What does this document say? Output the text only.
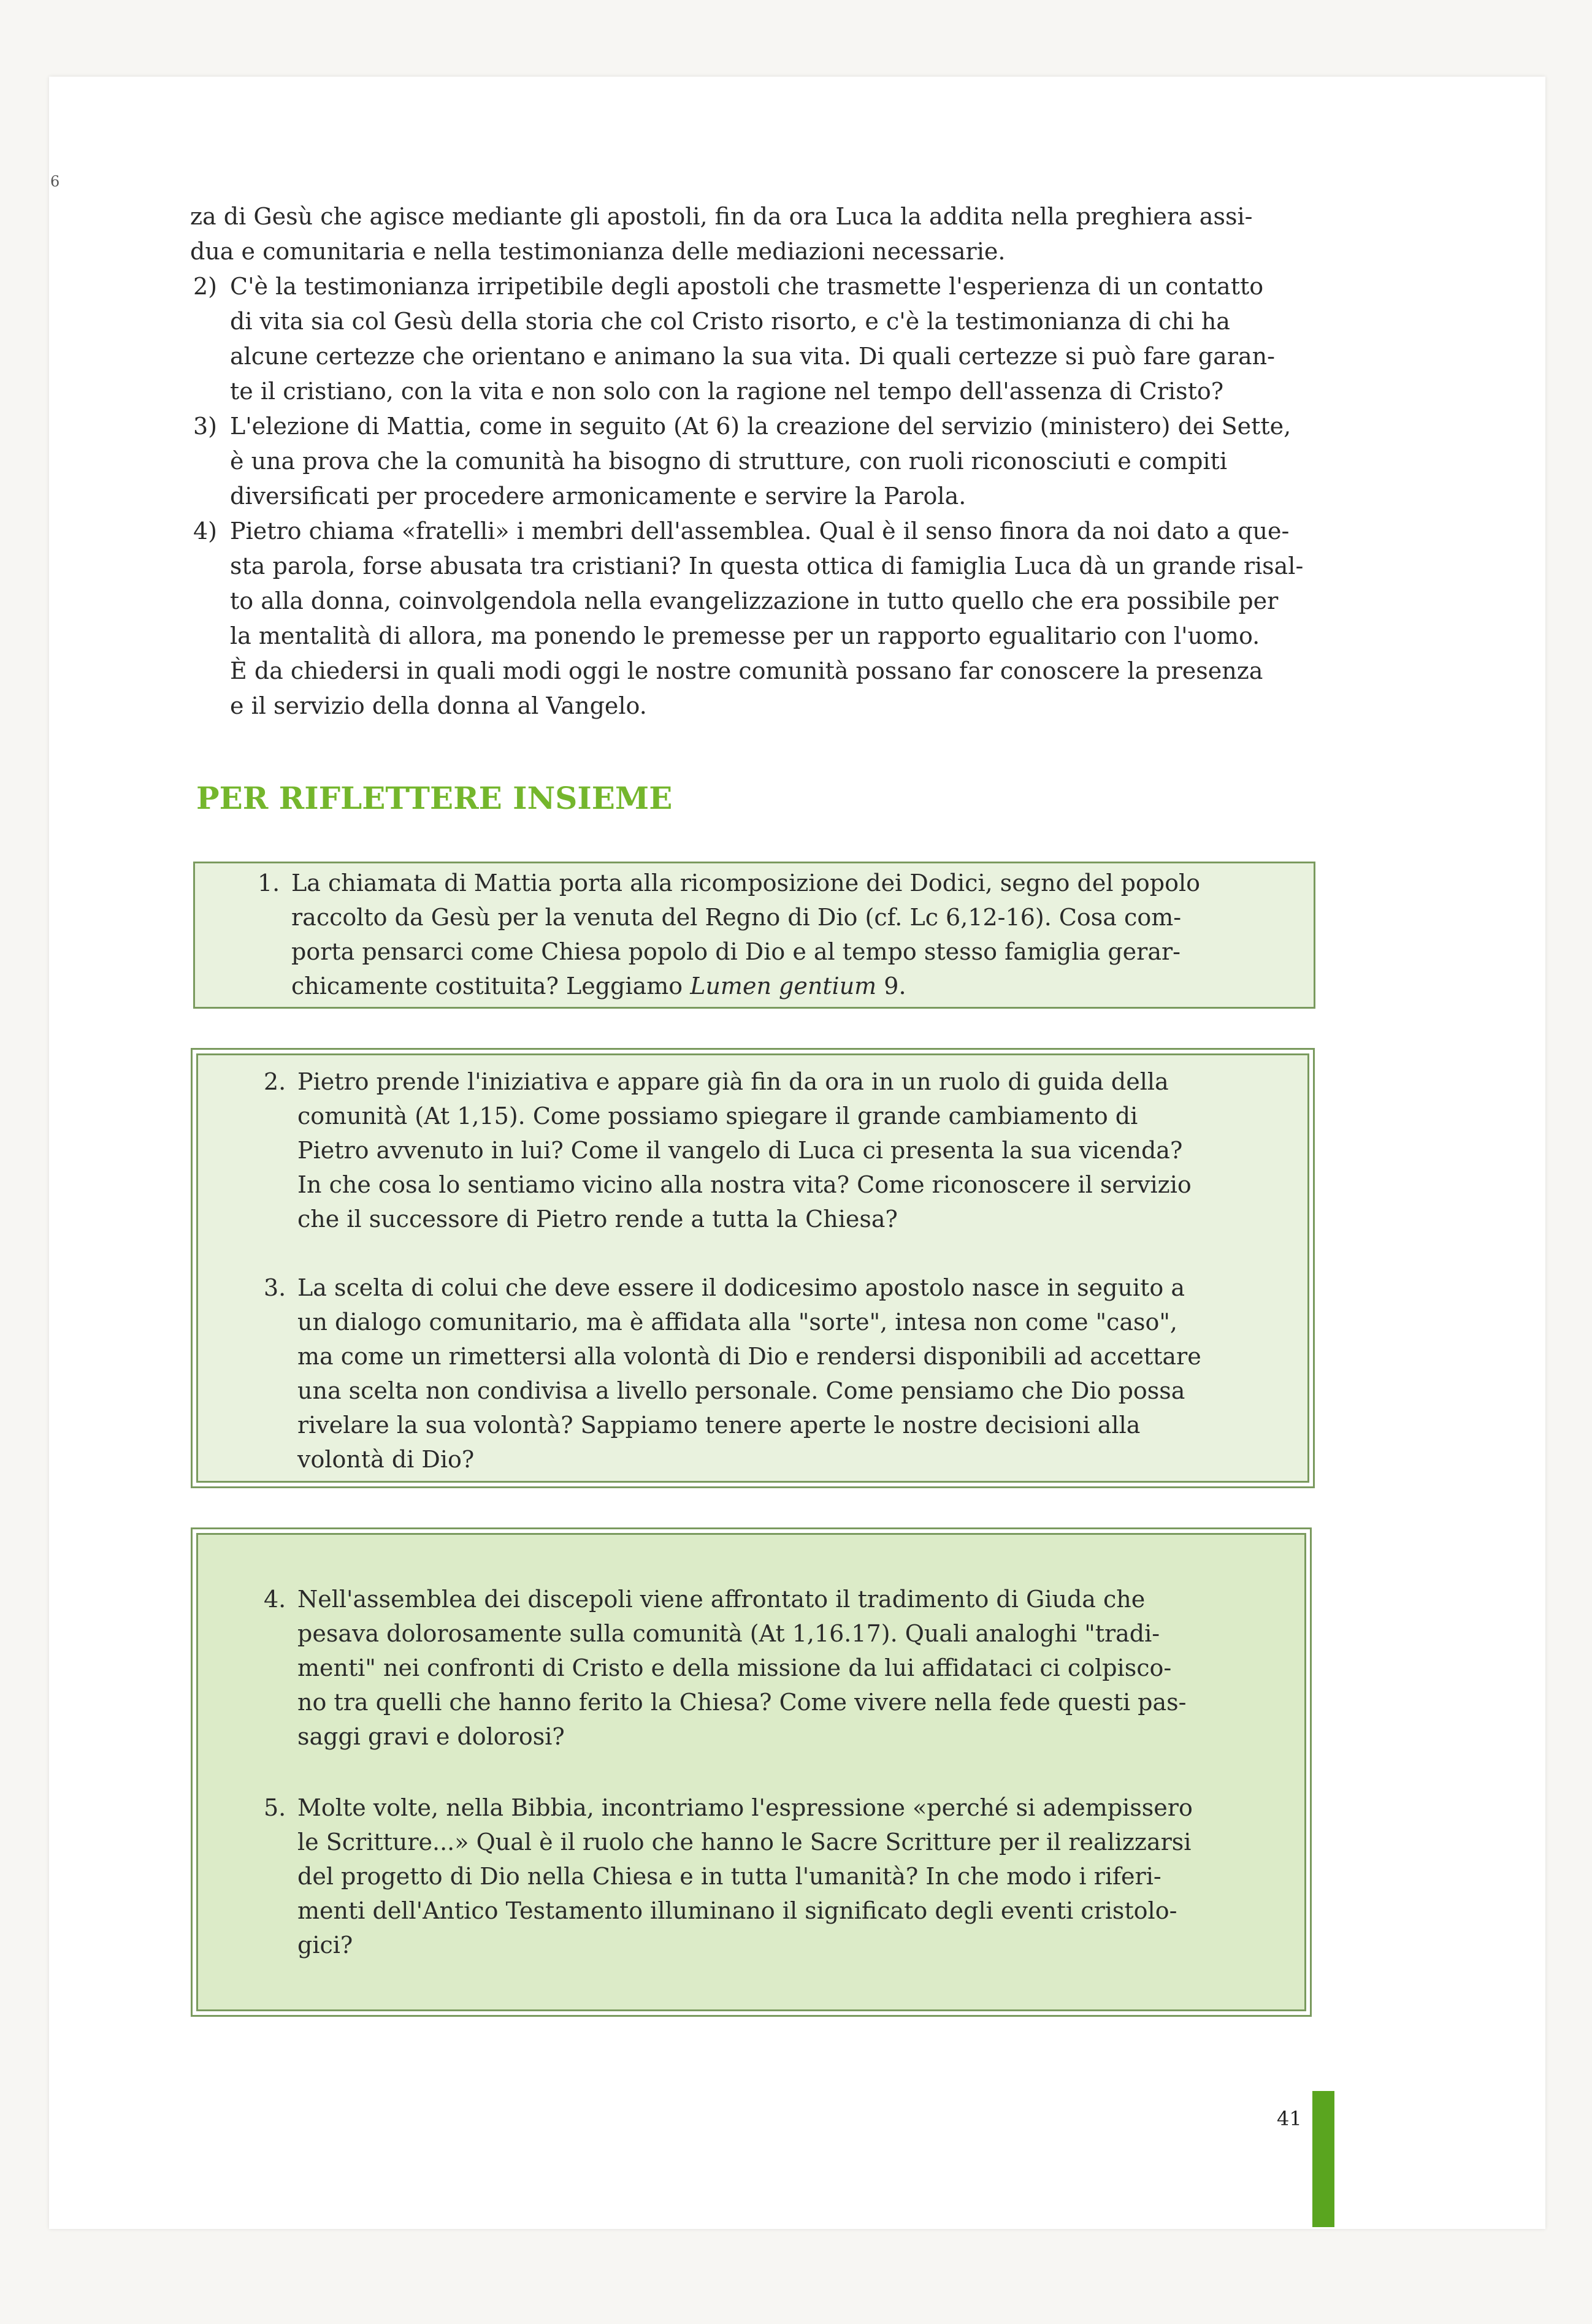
6

za di Gesù che agisce mediante gli apostoli, fin da ora Luca la addita nella preghiera assi-

dua e comunitaria e nella testimonianza delle mediazioni necessarie.

2) C'è la testimonianza irripetibile degli apostoli che trasmette l'esperienza di un contatto

di vita sia col Gesù della storia che col Cristo risorto, e c'è la testimonianza di chi ha

alcune certezze che orientano e animano la sua vita. Di quali certezze si può fare garan-

te il cristiano, con la vita e non solo con la ragione nel tempo dell'assenza di Cristo?

3) L'elezione di Mattia, come in seguito (At 6) la creazione del servizio (ministero) dei Sette,

è una prova che la comunità ha bisogno di strutture, con ruoli riconosciuti e compiti

diversificati per procedere armonicamente e servire la Parola.

4) Pietro chiama «fratelli» i membri dell'assemblea. Qual è il senso finora da noi dato a que-

sta parola, forse abusata tra cristiani? In questa ottica di famiglia Luca dà un grande risal-

to alla donna, coinvolgendola nella evangelizzazione in tutto quello che era possibile per

la mentalità di allora, ma ponendo le premesse per un rapporto egualitario con l'uomo.

È da chiedersi in quali modi oggi le nostre comunità possano far conoscere la presenza

e il servizio della donna al Vangelo.

PER RIFLETTERE INSIEME
1. La chiamata di Mattia porta alla ricomposizione dei Dodici, segno del popolo
raccolto da Gesù per la venuta del Regno di Dio (cf. Lc 6,12-16). Cosa com-
porta pensarci come Chiesa popolo di Dio e al tempo stesso famiglia gerar-
chicamente costituita? Leggiamo Lumen gentium 9.
2. Pietro prende l'iniziativa e appare già fin da ora in un ruolo di guida della
comunità (At 1,15). Come possiamo spiegare il grande cambiamento di
Pietro avvenuto in lui? Come il vangelo di Luca ci presenta la sua vicenda?
In che cosa lo sentiamo vicino alla nostra vita? Come riconoscere il servizio
che il successore di Pietro rende a tutta la Chiesa?
3. La scelta di colui che deve essere il dodicesimo apostolo nasce in seguito a
un dialogo comunitario, ma è affidata alla "sorte", intesa non come "caso",
ma come un rimettersi alla volontà di Dio e rendersi disponibili ad accettare
una scelta non condivisa a livello personale. Come pensiamo che Dio possa
rivelare la sua volontà? Sappiamo tenere aperte le nostre decisioni alla
volontà di Dio?
4. Nell'assemblea dei discepoli viene affrontato il tradimento di Giuda che
pesava dolorosamente sulla comunità (At 1,16.17). Quali analoghi "tradi-
menti" nei confronti di Cristo e della missione da lui affidataci ci colpisco-
no tra quelli che hanno ferito la Chiesa? Come vivere nella fede questi pas-
saggi gravi e dolorosi?
5. Molte volte, nella Bibbia, incontriamo l'espressione «perché si adempissero
le Scritture...» Qual è il ruolo che hanno le Sacre Scritture per il realizzarsi
del progetto di Dio nella Chiesa e in tutta l'umanità? In che modo i riferi-
menti dell'Antico Testamento illuminano il significato degli eventi cristolo-
gici?
41
